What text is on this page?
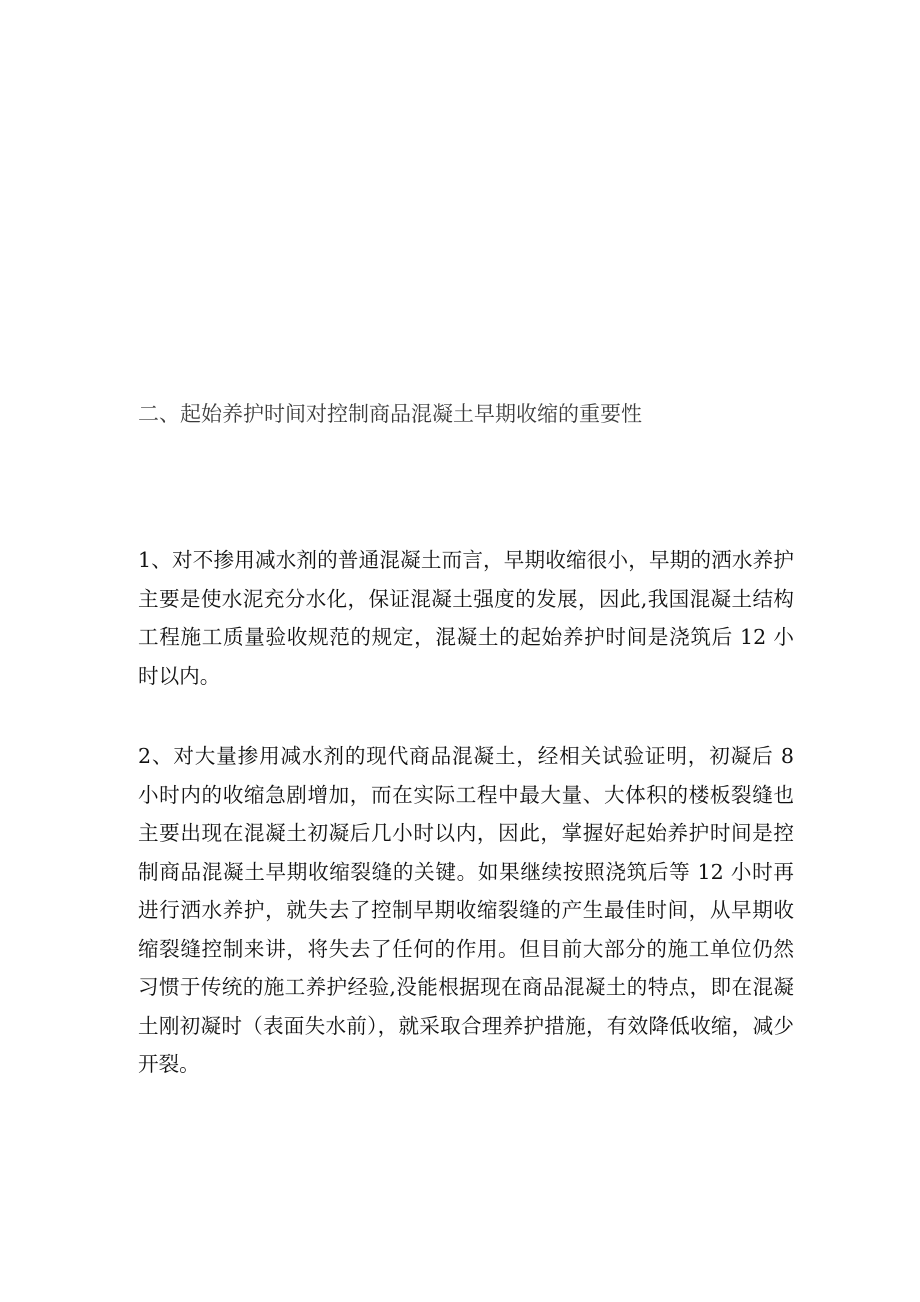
二、起始养护时间对控制商品混凝土早期收缩的重要性

1、对不掺用减水剂的普通混凝土而言，早期收缩很小，早期的洒水养护主要是使水泥充分水化，保证混凝土强度的发展，因此,我国混凝土结构工程施工质量验收规范的规定，混凝土的起始养护时间是浇筑后 12 小时以内。

2、对大量掺用减水剂的现代商品混凝土，经相关试验证明，初凝后 8 小时内的收缩急剧增加，而在实际工程中最大量、大体积的楼板裂缝也主要出现在混凝土初凝后几小时以内，因此，掌握好起始养护时间是控制商品混凝土早期收缩裂缝的关键。如果继续按照浇筑后等 12 小时再进行洒水养护，就失去了控制早期收缩裂缝的产生最佳时间，从早期收缩裂缝控制来讲，将失去了任何的作用。但目前大部分的施工单位仍然习惯于传统的施工养护经验,没能根据现在商品混凝土的特点，即在混凝土刚初凝时（表面失水前），就采取合理养护措施，有效降低收缩，减少开裂。
